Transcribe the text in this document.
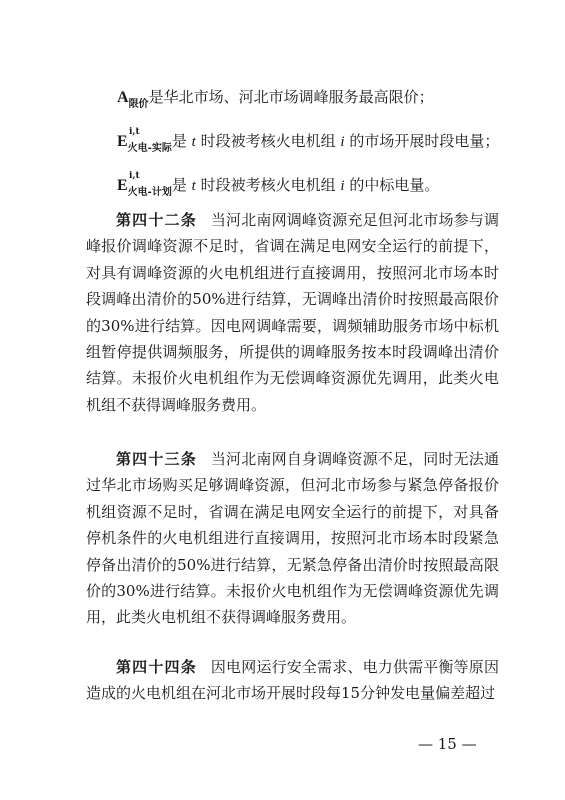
$A_{限价}$是华北市场、河北市场调峰服务最高限价；
E
i,t
$_{火电-实际}$是 t 时段被考核火电机组 i 的市场开展时段电量；
E
i,t
$_{火电-计划}$是 t 时段被考核火电机组 i 的中标电量。

第四十二条 当河北南网调峰资源充足但河北市场参与调峰报价调峰资源不足时，省调在满足电网安全运行的前提下，对具有调峰资源的火电机组进行直接调用，按照河北市场本时段调峰出清价的50%进行结算，无调峰出清价时按照最高限价的30%进行结算。因电网调峰需要，调频辅助服务市场中标机组暂停提供调频服务，所提供的调峰服务按本时段调峰出清价结算。未报价火电机组作为无偿调峰资源优先调用，此类火电机组不获得调峰服务费用。

第四十三条 当河北南网自身调峰资源不足，同时无法通过华北市场购买足够调峰资源，但河北市场参与紧急停备报价机组资源不足时，省调在满足电网安全运行的前提下，对具备停机条件的火电机组进行直接调用，按照河北市场本时段紧急停备出清价的50%进行结算，无紧急停备出清价时按照最高限价的30%进行结算。未报价火电机组作为无偿调峰资源优先调用，此类火电机组不获得调峰服务费用。

第四十四条 因电网运行安全需求、电力供需平衡等原因造成的火电机组在河北市场开展时段每15分钟发电量偏差超过

— 15 —
